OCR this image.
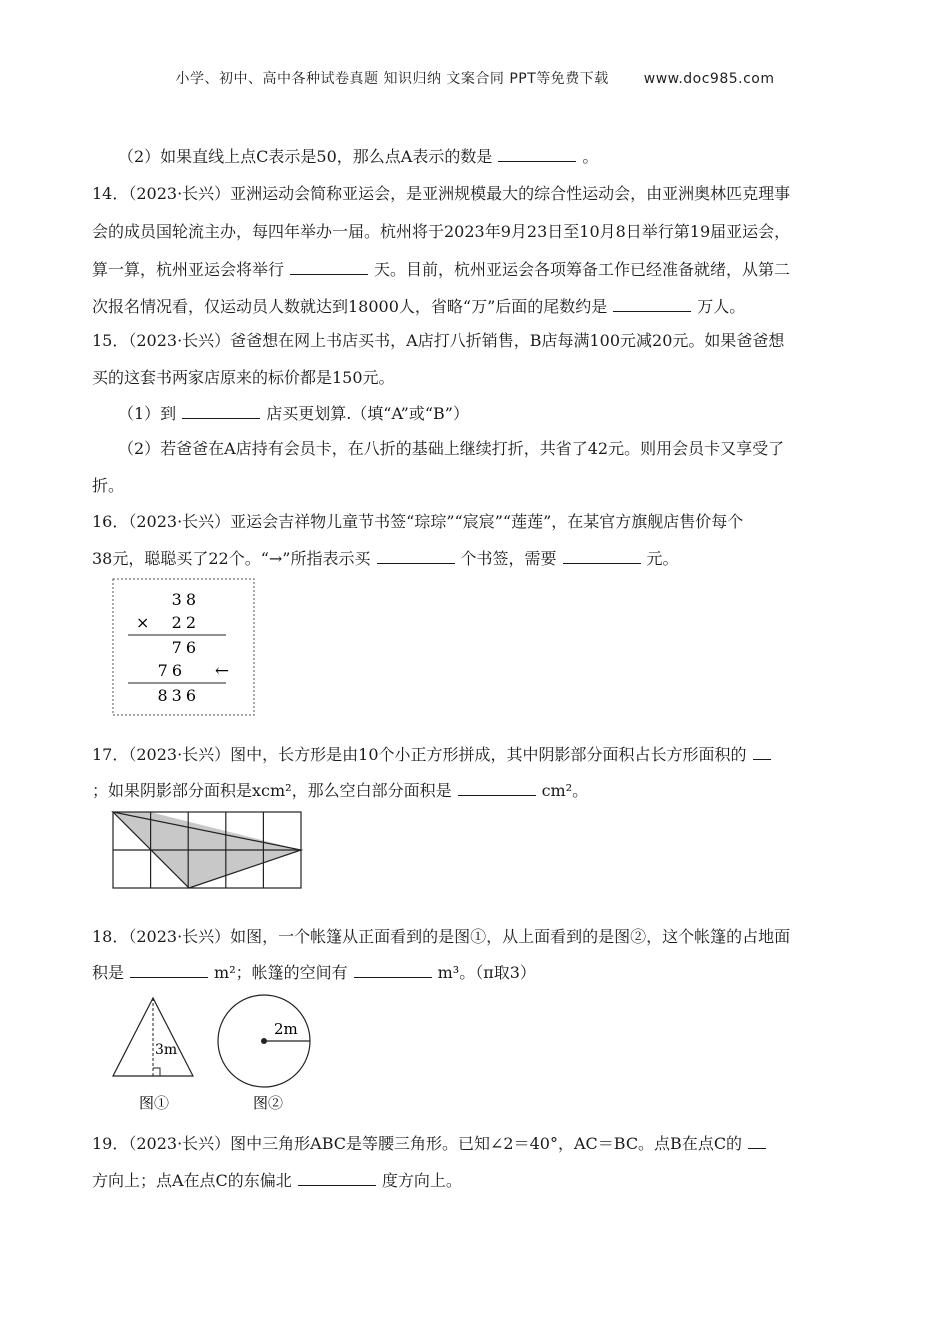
小学、初中、高中各种试卷真题 知识归纳 文案合同 PPT等免费下载 www.doc985.com
（2）如果直线上点C表示是50，那么点A表示的数是	。
14．（2023·长兴）亚洲运动会简称亚运会，是亚洲规模最大的综合性运动会，由亚洲奥林匹克理事
会的成员国轮流主办，每四年举办一届。杭州将于2023年9月23日至10月8日举行第19届亚运会，
算一算，杭州亚运会将举行	天。目前，杭州亚运会各项筹备工作已经准备就绪，从第二
次报名情况看，仅运动员人数就达到18000人，省略“万”后面的尾数约是	万人。
15．（2023·长兴）爸爸想在网上书店买书，A店打八折销售，B店每满100元减20元。如果爸爸想
买的这套书两家店原来的标价都是150元。
（1）到	店买更划算.（填“A”或“B”）
（2）若爸爸在A店持有会员卡，在八折的基础上继续打折，共省了42元。则用会员卡又享受了
折。
16．（2023·长兴）亚运会吉祥物儿童节书签“琮琮”“宸宸”“莲莲”，在某官方旗舰店售价每个
38元，聪聪买了22个。“→”所指表示买	个书签，需要	元。
38
× 22
76
76 ←
836
17．（2023·长兴）图中，长方形是由10个小正方形拼成，其中阴影部分面积占长方形面积的
；如果阴影部分面积是xcm²，那么空白部分面积是	cm²。
18．（2023·长兴）如图，一个帐篷从正面看到的是图①，从上面看到的是图②，这个帐篷的占地面
积是	m²；帐篷的空间有	m³。（π取3）
3m
图①
2m
图②
19．（2023·长兴）图中三角形ABC是等腰三角形。已知∠2＝40°，AC＝BC。点B在点C的
方向上；点A在点C的东偏北	度方向上。
